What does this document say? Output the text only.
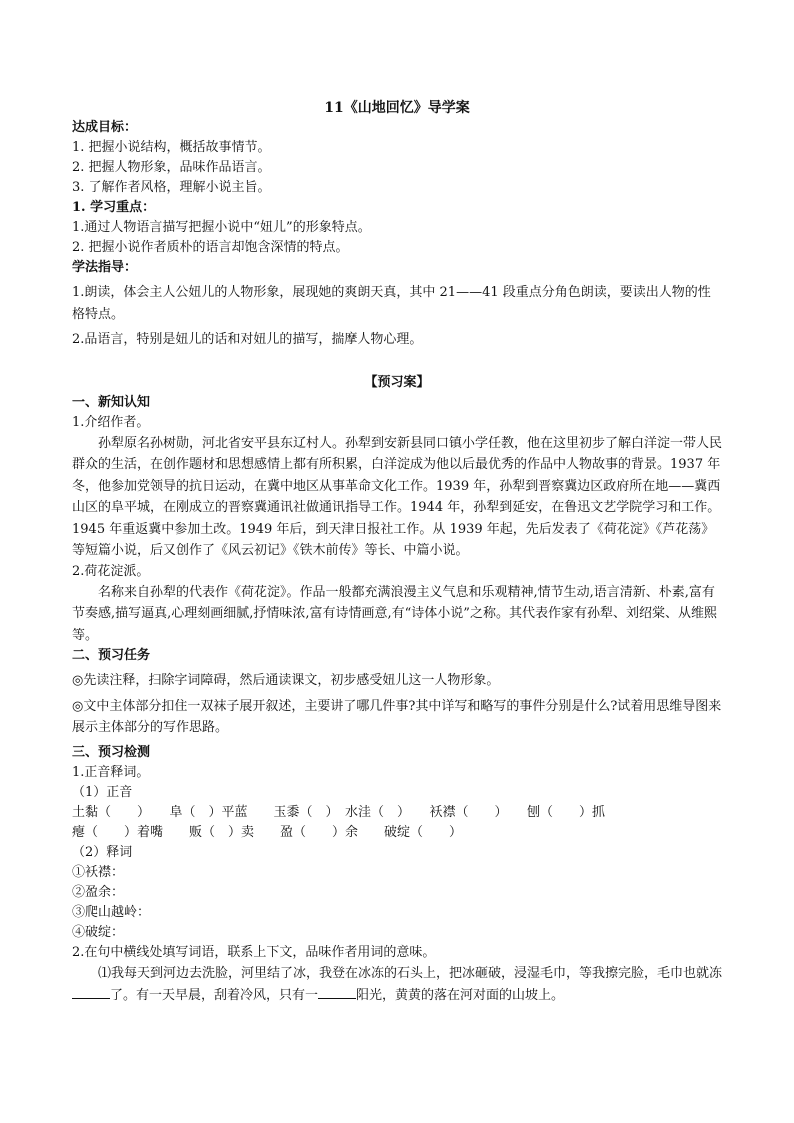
11《山地回忆》导学案
达成目标：
1. 把握小说结构，概括故事情节。
2. 把握人物形象，品味作品语言。
3. 了解作者风格，理解小说主旨。
1. 学习重点：
1.通过人物语言描写把握小说中“妞儿”的形象特点。
2. 把握小说作者质朴的语言却饱含深情的特点。
学法指导：
1.朗读，体会主人公妞儿的人物形象，展现她的爽朗天真，其中 21——41 段重点分角色朗读，要读出人物的性格特点。
2.品语言，特别是妞儿的话和对妞儿的描写，揣摩人物心理。
【预习案】
一、新知认知
1.介绍作者。
孙犁原名孙树勋，河北省安平县东辽村人。孙犁到安新县同口镇小学任教，他在这里初步了解白洋淀一带人民群众的生活，在创作题材和思想感情上都有所积累，白洋淀成为他以后最优秀的作品中人物故事的背景。1937 年冬，他参加党领导的抗日运动，在冀中地区从事革命文化工作。1939 年，孙犁到晋察冀边区政府所在地——冀西山区的阜平城，在刚成立的晋察冀通讯社做通讯指导工作。1944 年，孙犁到延安，在鲁迅文艺学院学习和工作。1945 年重返冀中参加土改。1949 年后，到天津日报社工作。从 1939 年起，先后发表了《荷花淀》《芦花荡》等短篇小说，后又创作了《风云初记》《铁木前传》等长、中篇小说。
2.荷花淀派。
名称来自孙犁的代表作《荷花淀》。作品一般都充满浪漫主义气息和乐观精神,情节生动,语言清新、朴素,富有节奏感,描写逼真,心理刻画细腻,抒情味浓,富有诗情画意,有“诗体小说”之称。其代表作家有孙犁、刘绍棠、从维熙等。
二、预习任务
◎先读注释，扫除字词障碍，然后通读课文，初步感受妞儿这一人物形象。
◎文中主体部分扣住一双袜子展开叙述，主要讲了哪几件事?其中详写和略写的事件分别是什么?试着用思维导图来展示主体部分的写作思路。
三、预习检测
1.正音释词。
（1）正音
土黏（　　）　　阜（　）平蓝　　玉黍（　）　水洼（　）　　袄襟（　　）　　刨（　　）抓
瘪（　　）着嘴　　贩（　）卖　　盈（　　）余　　破绽（　　）
（2）释词
①袄襟：
②盈余：
③爬山越岭：
④破绽：
2.在句中横线处填写词语，联系上下文，品味作者用词的意味。
⑴我每天到河边去洗脸，河里结了冰，我登在冰冻的石头上，把冰砸破，浸湿毛巾，等我擦完脸，毛巾也就冻了。有一天早晨，刮着冷风，只有一	阳光，黄黄的落在河对面的山坡上。
